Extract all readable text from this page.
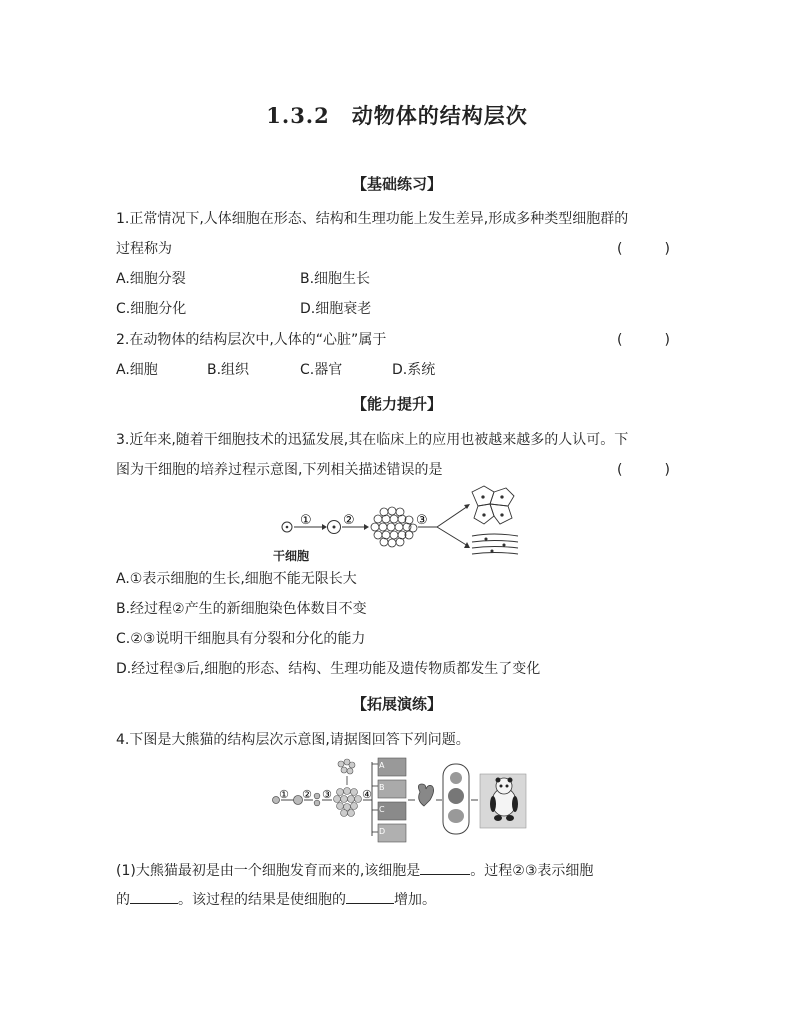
1.3.2　动物体的结构层次
【基础练习】
1.正常情况下,人体细胞在形态、结构和生理功能上发生差异,形成多种类型细胞群的
过程称为	(　　　)
A.细胞分裂	B.细胞生长
C.细胞分化	D.细胞衰老
2.在动物体的结构层次中,人体的“心脏”属于	(　　　)
A.细胞	B.组织	C.器官	D.系统
【能力提升】
3.近年来,随着干细胞技术的迅猛发展,其在临床上的应用也被越来越多的人认可。下
图为干细胞的培养过程示意图,下列相关描述错误的是	(　　　)
① ②	③
干细胞
A.①表示细胞的生长,细胞不能无限长大
B.经过程②产生的新细胞染色体数目不变
C.②③说明干细胞具有分裂和分化的能力
D.经过程③后,细胞的形态、结构、生理功能及遗传物质都发生了变化
【拓展演练】
4.下图是大熊猫的结构层次示意图,请据图回答下列问题。
① ② ③	④
A
B
C
D
(1)大熊猫最初是由一个细胞发育而来的,该细胞是	。过程②③表示细胞
的	。该过程的结果是使细胞的	增加。
